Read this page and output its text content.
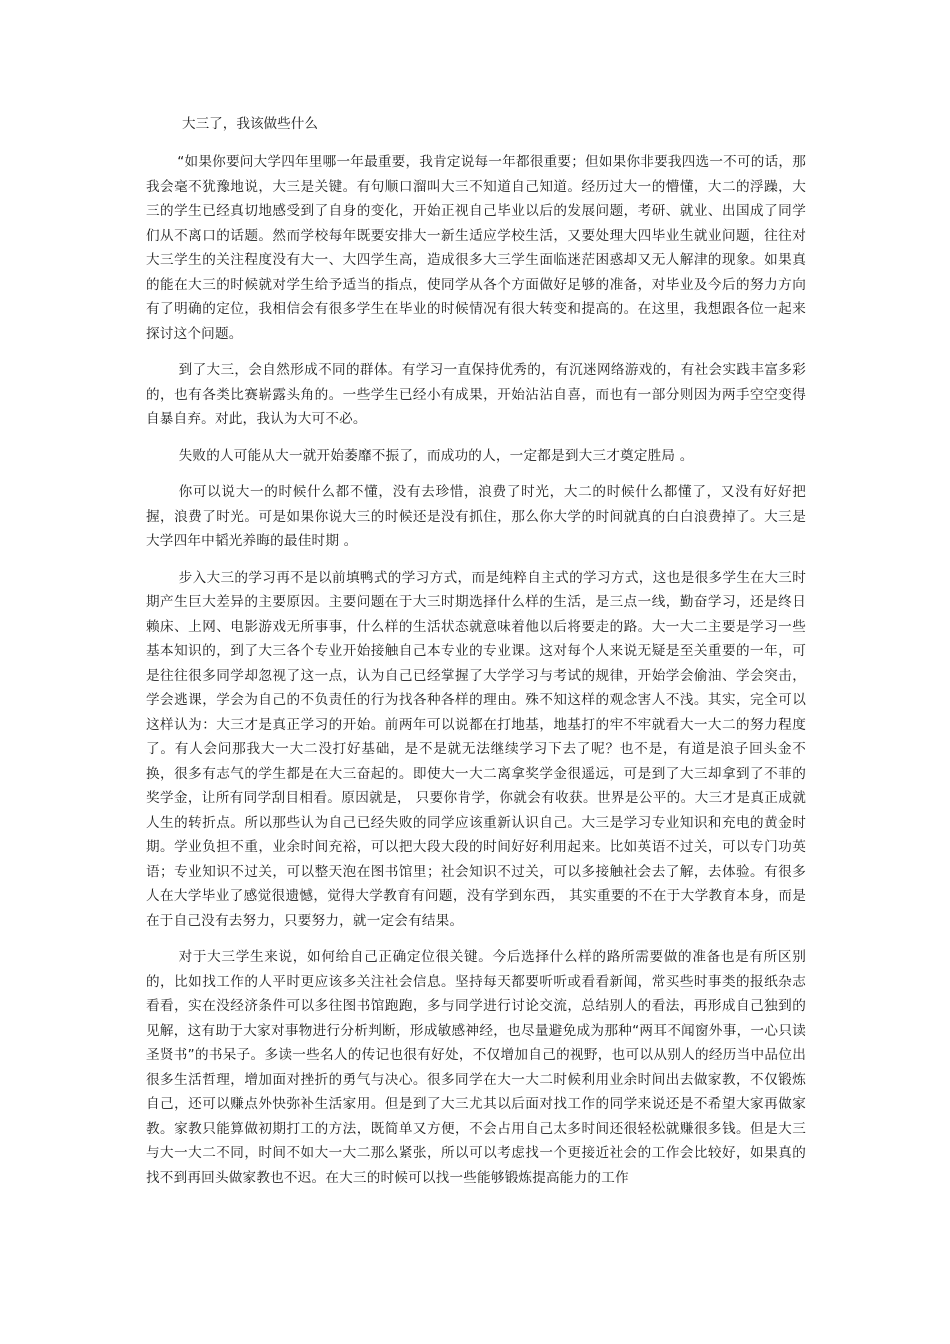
大三了，我该做些什么

“如果你要问大学四年里哪一年最重要，我肯定说每一年都很重要；但如果你非要我四选一不可的话，那我会毫不犹豫地说，大三是关键。有句顺口溜叫大三不知道自己知道。经历过大一的懵懂，大二的浮躁，大三的学生已经真切地感受到了自身的变化，开始正视自己毕业以后的发展问题，考研、就业、出国成了同学们从不离口的话题。然而学校每年既要安排大一新生适应学校生活，又要处理大四毕业生就业问题，往往对大三学生的关注程度没有大一、大四学生高，造成很多大三学生面临迷茫困惑却又无人解津的现象。如果真的能在大三的时候就对学生给予适当的指点，使同学从各个方面做好足够的准备，对毕业及今后的努力方向有了明确的定位，我相信会有很多学生在毕业的时候情况有很大转变和提高的。在这里，我想跟各位一起来探讨这个问题。

到了大三，会自然形成不同的群体。有学习一直保持优秀的，有沉迷网络游戏的，有社会实践丰富多彩的，也有各类比赛崭露头角的。一些学生已经小有成果，开始沾沾自喜，而也有一部分则因为两手空空变得自暴自弃。对此，我认为大可不必。

失败的人可能从大一就开始萎靡不振了，而成功的人，一定都是到大三才奠定胜局 。

你可以说大一的时候什么都不懂，没有去珍惜，浪费了时光，大二的时候什么都懂了，又没有好好把握，浪费了时光。可是如果你说大三的时候还是没有抓住，那么你大学的时间就真的白白浪费掉了。大三是大学四年中韬光养晦的最佳时期 。

步入大三的学习再不是以前填鸭式的学习方式，而是纯粹自主式的学习方式，这也是很多学生在大三时期产生巨大差异的主要原因。主要问题在于大三时期选择什么样的生活，是三点一线，勤奋学习，还是终日赖床、上网、电影游戏无所事事，什么样的生活状态就意味着他以后将要走的路。大一大二主要是学习一些基本知识的，到了大三各个专业开始接触自己本专业的专业课。这对每个人来说无疑是至关重要的一年，可是往往很多同学却忽视了这一点，认为自己已经掌握了大学学习与考试的规律，开始学会偷油、学会突击，学会逃课，学会为自己的不负责任的行为找各种各样的理由。殊不知这样的观念害人不浅。其实，完全可以这样认为：大三才是真正学习的开始。前两年可以说都在打地基，地基打的牢不牢就看大一大二的努力程度了。有人会问那我大一大二没打好基础，是不是就无法继续学习下去了呢？也不是，有道是浪子回头金不换，很多有志气的学生都是在大三奋起的。即使大一大二离拿奖学金很遥远，可是到了大三却拿到了不菲的奖学金，让所有同学刮目相看。原因就是， 只要你肯学，你就会有收获。世界是公平的。大三才是真正成就人生的转折点。所以那些认为自己已经失败的同学应该重新认识自己。大三是学习专业知识和充电的黄金时期。学业负担不重，业余时间充裕，可以把大段大段的时间好好利用起来。比如英语不过关，可以专门功英语；专业知识不过关，可以整天泡在图书馆里；社会知识不过关，可以多接触社会去了解，去体验。有很多人在大学毕业了感觉很遗憾，觉得大学教育有问题，没有学到东西， 其实重要的不在于大学教育本身，而是在于自己没有去努力，只要努力，就一定会有结果。

对于大三学生来说，如何给自己正确定位很关键。今后选择什么样的路所需要做的准备也是有所区别的，比如找工作的人平时更应该多关注社会信息。坚持每天都要听听或看看新闻，常买些时事类的报纸杂志看看，实在没经济条件可以多往图书馆跑跑，多与同学进行讨论交流，总结别人的看法，再形成自己独到的见解，这有助于大家对事物进行分析判断，形成敏感神经，也尽量避免成为那种“两耳不闻窗外事，一心只读圣贤书”的书呆子。多读一些名人的传记也很有好处，不仅增加自己的视野，也可以从别人的经历当中品位出很多生活哲理，增加面对挫折的勇气与决心。很多同学在大一大二时候利用业余时间出去做家教，不仅锻炼自己，还可以赚点外快弥补生活家用。但是到了大三尤其以后面对找工作的同学来说还是不希望大家再做家教。家教只能算做初期打工的方法，既简单又方便，不会占用自己太多时间还很轻松就赚很多钱。但是大三与大一大二不同，时间不如大一大二那么紧张，所以可以考虑找一个更接近社会的工作会比较好，如果真的找不到再回头做家教也不迟。在大三的时候可以找一些能够锻炼提高能力的工作
